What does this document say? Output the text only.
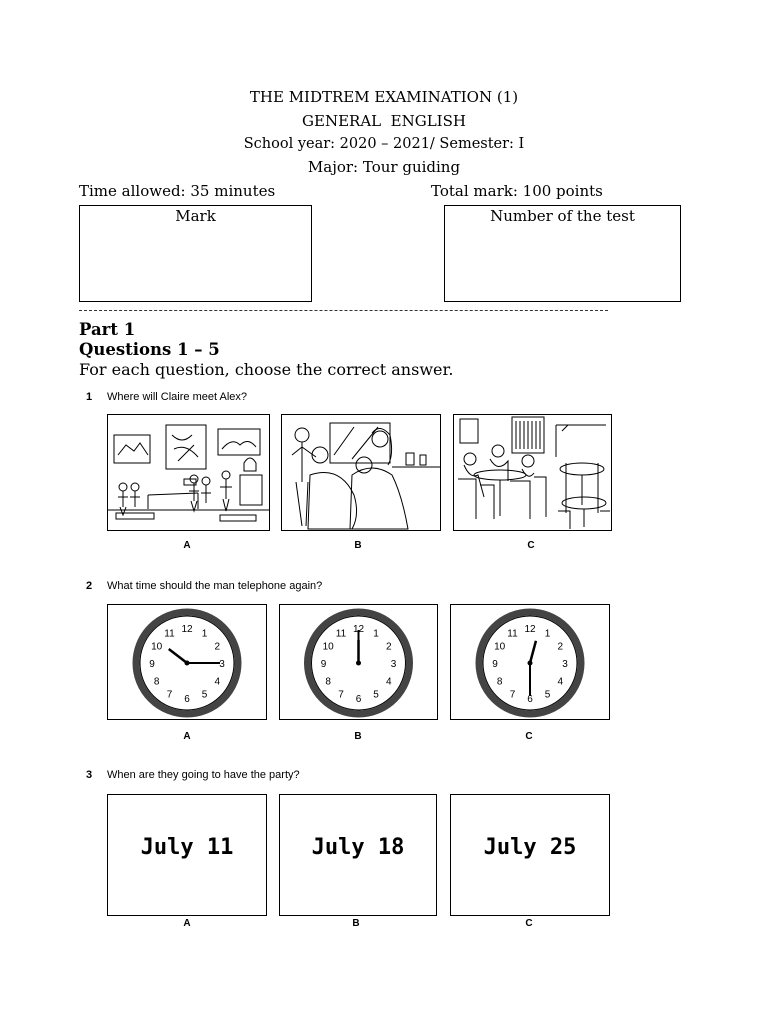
THE MIDTREM EXAMINATION (1)
GENERAL  ENGLISH
School year: 2020 – 2021/ Semester: I
Major: Tour guiding
Time allowed: 35 minutes	Total mark: 100 points
Mark	Number of the test
Part 1
Questions 1 – 5
For each question, choose the correct answer.
1 Where will Claire meet Alex?
A	B	C
2 What time should the man telephone again?
1
2
3
4
5
6
7
8
9
10
11 12	1
2
3
4
5
6
7
8
9
10
11 12	1
2
3
4
5
6
7
8
9
10
11 12
A	B	C
3 When are they going to have the party?
July 11	July 18	July 25
A	B	C
